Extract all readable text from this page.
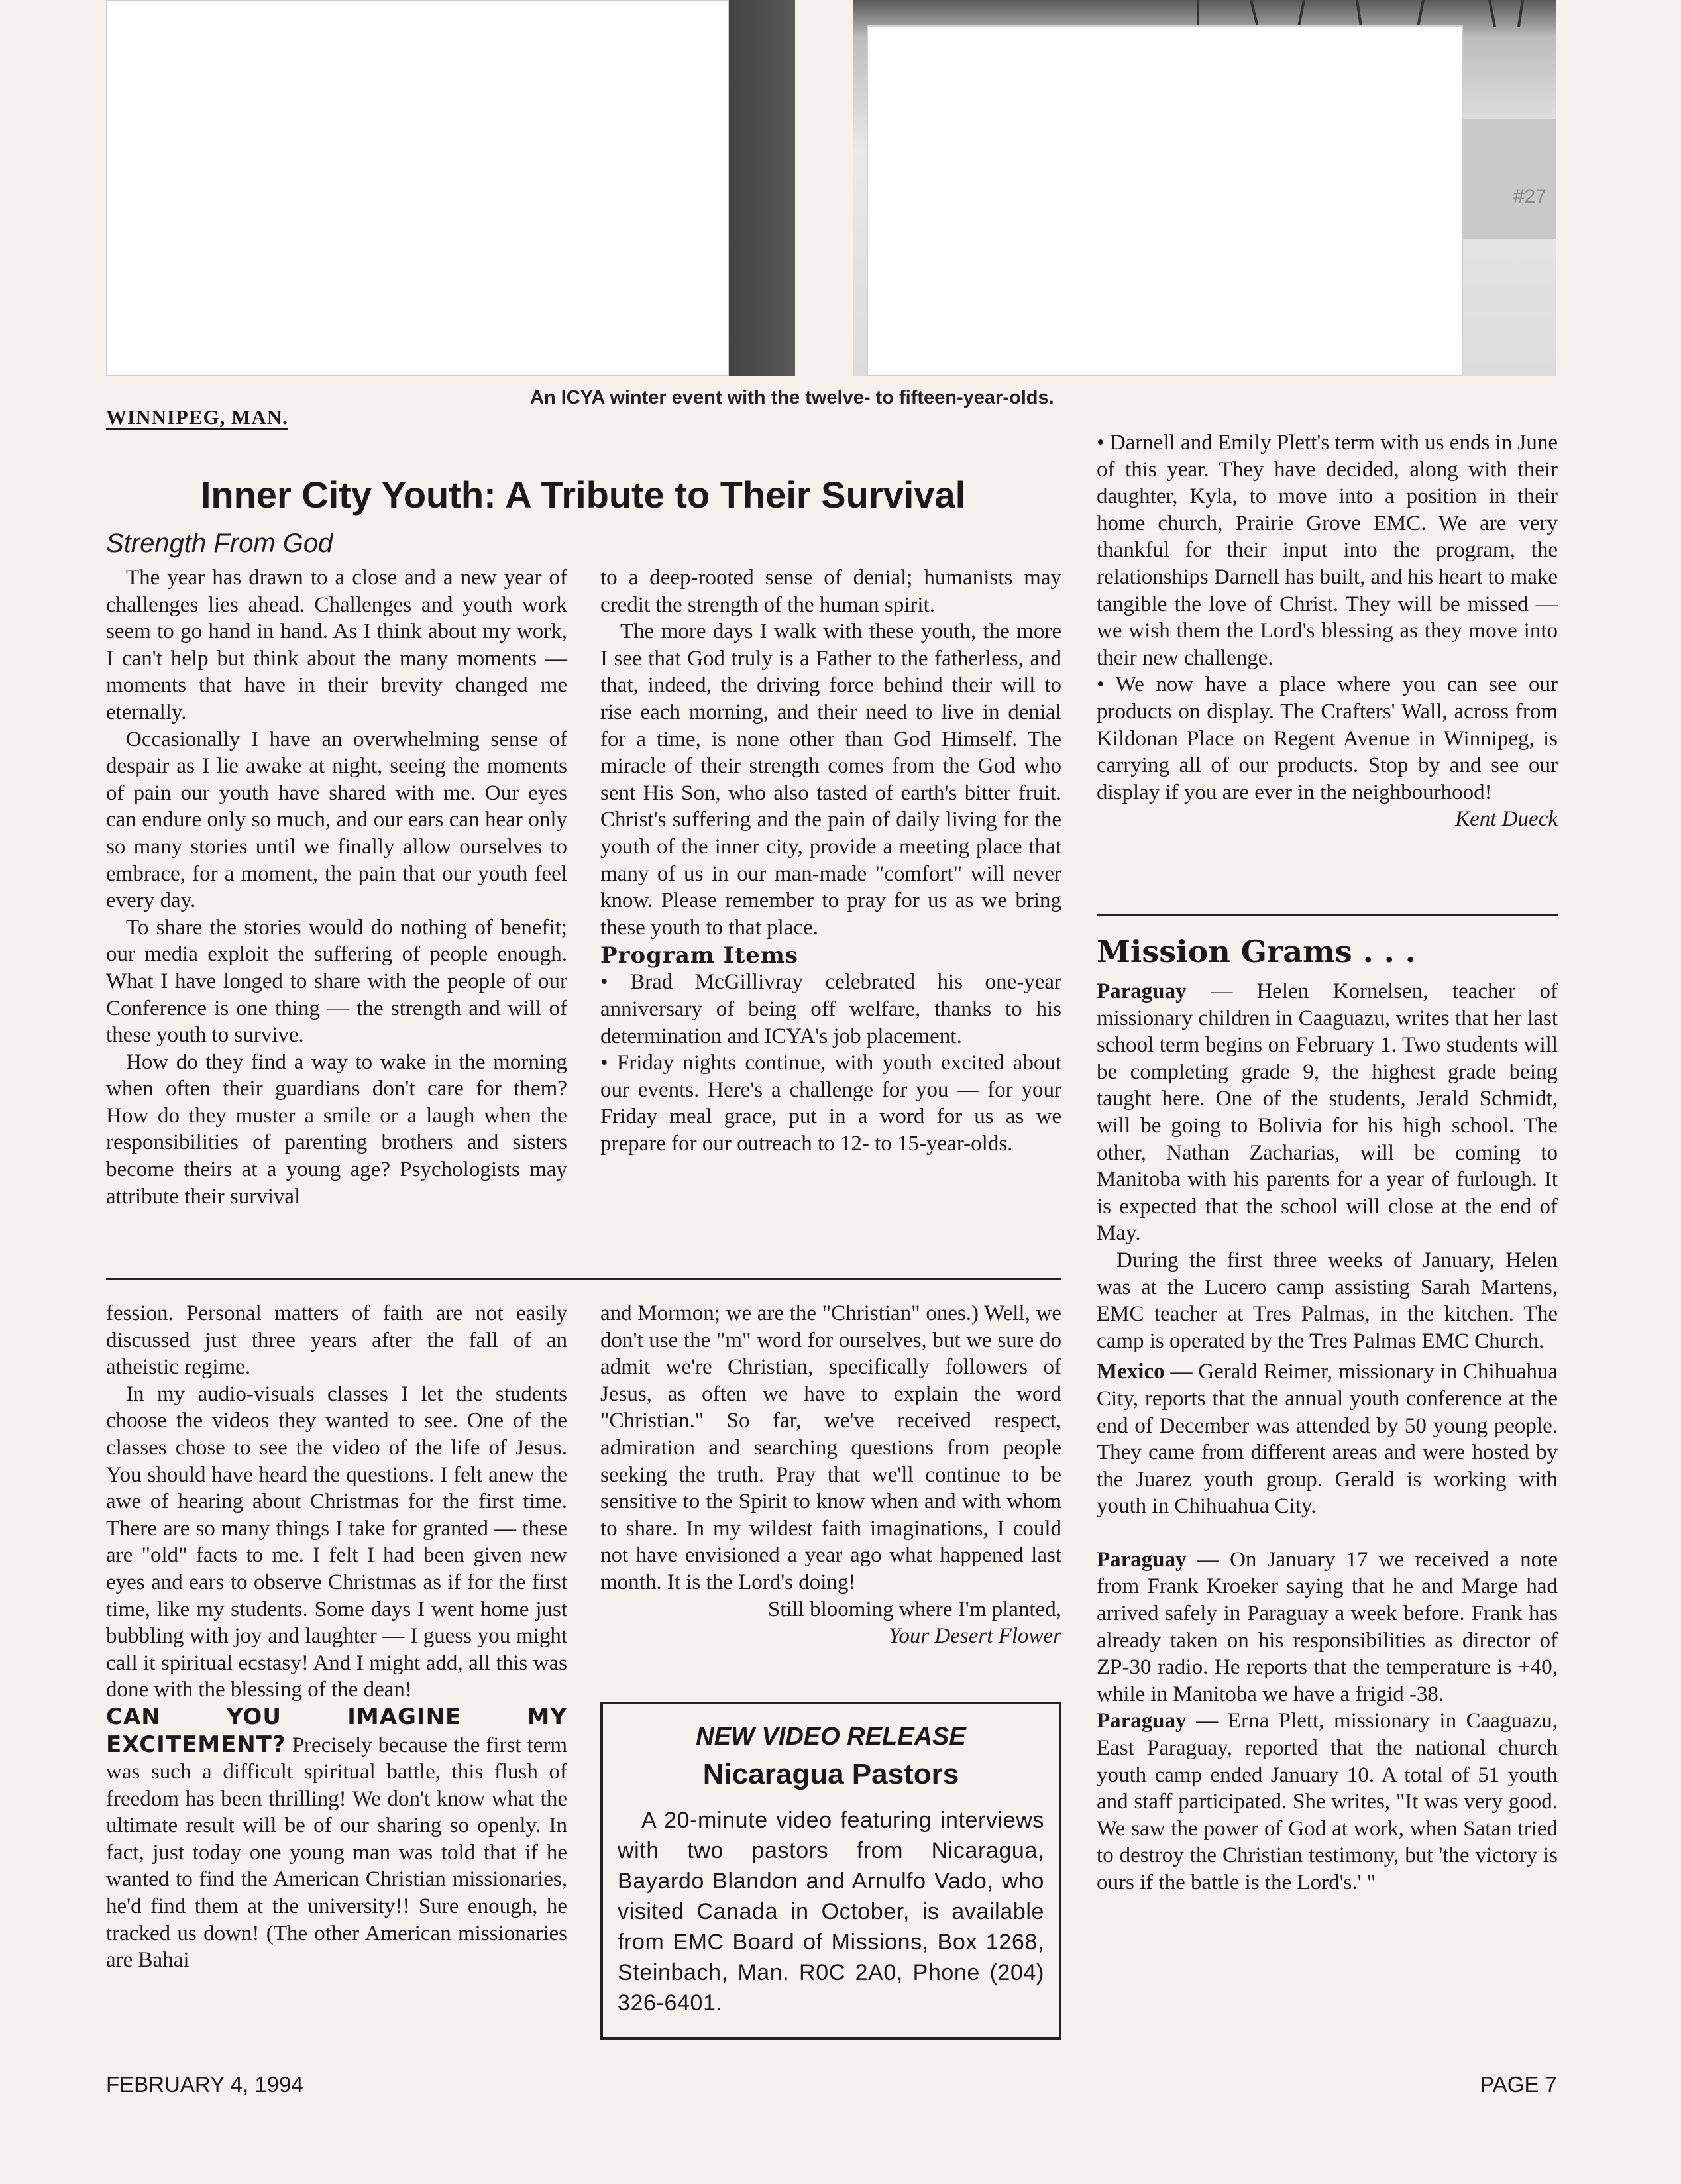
#27
An ICYA winter event with the twelve- to fifteen-year-olds.
WINNIPEG, MAN.
Inner City Youth: A Tribute to Their Survival
Strength From God

The year has drawn to a close and a new year of challenges lies ahead. Challenges and youth work seem to go hand in hand. As I think about my work, I can't help but think about the many moments — moments that have in their brevity changed me eternally.

Occasionally I have an overwhelming sense of despair as I lie awake at night, seeing the moments of pain our youth have shared with me. Our eyes can endure only so much, and our ears can hear only so many stories until we finally allow ourselves to embrace, for a moment, the pain that our youth feel every day.

To share the stories would do nothing of benefit; our media exploit the suffering of people enough. What I have longed to share with the people of our Conference is one thing — the strength and will of these youth to survive.

How do they find a way to wake in the morning when often their guardians don't care for them? How do they muster a smile or a laugh when the responsibilities of parenting brothers and sisters become theirs at a young age? Psychologists may attribute their survival

to a deep-rooted sense of denial; humanists may credit the strength of the human spirit.

The more days I walk with these youth, the more I see that God truly is a Father to the fatherless, and that, indeed, the driving force behind their will to rise each morning, and their need to live in denial for a time, is none other than God Himself. The miracle of their strength comes from the God who sent His Son, who also tasted of earth's bitter fruit. Christ's suffering and the pain of daily living for the youth of the inner city, provide a meeting place that many of us in our man-made "comfort" will never know. Please remember to pray for us as we bring these youth to that place.

Program Items

• Brad McGillivray celebrated his one-year anniversary of being off welfare, thanks to his determination and ICYA's job placement.

• Friday nights continue, with youth excited about our events. Here's a challenge for you — for your Friday meal grace, put in a word for us as we prepare for our outreach to 12- to 15-year-olds.

• Darnell and Emily Plett's term with us ends in June of this year. They have decided, along with their daughter, Kyla, to move into a position in their home church, Prairie Grove EMC. We are very thankful for their input into the program, the relationships Darnell has built, and his heart to make tangible the love of Christ. They will be missed — we wish them the Lord's blessing as they move into their new challenge.

• We now have a place where you can see our products on display. The Crafters' Wall, across from Kildonan Place on Regent Avenue in Winnipeg, is carrying all of our products. Stop by and see our display if you are ever in the neighbourhood!

Kent Dueck

Mission Grams . . .

Paraguay — Helen Kornelsen, teacher of missionary children in Caaguazu, writes that her last school term begins on February 1. Two students will be completing grade 9, the highest grade being taught here. One of the students, Jerald Schmidt, will be going to Bolivia for his high school. The other, Nathan Zacharias, will be coming to Manitoba with his parents for a year of furlough. It is expected that the school will close at the end of May.

During the first three weeks of January, Helen was at the Lucero camp assisting Sarah Martens, EMC teacher at Tres Palmas, in the kitchen. The camp is operated by the Tres Palmas EMC Church.

Mexico — Gerald Reimer, missionary in Chihuahua City, reports that the annual youth conference at the end of December was attended by 50 young people. They came from different areas and were hosted by the Juarez youth group. Gerald is working with youth in Chihuahua City.

Paraguay — On January 17 we received a note from Frank Kroeker saying that he and Marge had arrived safely in Paraguay a week before. Frank has already taken on his responsibilities as director of ZP-30 radio. He reports that the temperature is +40, while in Manitoba we have a frigid -38.

Paraguay — Erna Plett, missionary in Caaguazu, East Paraguay, reported that the national church youth camp ended January 10. A total of 51 youth and staff participated. She writes, "It was very good. We saw the power of God at work, when Satan tried to destroy the Christian testimony, but 'the victory is ours if the battle is the Lord's.' "

fession. Personal matters of faith are not easily discussed just three years after the fall of an atheistic regime.

In my audio-visuals classes I let the students choose the videos they wanted to see. One of the classes chose to see the video of the life of Jesus. You should have heard the questions. I felt anew the awe of hearing about Christmas for the first time. There are so many things I take for granted — these are "old" facts to me. I felt I had been given new eyes and ears to observe Christmas as if for the first time, like my students. Some days I went home just bubbling with joy and laughter — I guess you might call it spiritual ecstasy! And I might add, all this was done with the blessing of the dean!

CAN YOU IMAGINE MY EXCITEMENT? Precisely because the first term was such a difficult spiritual battle, this flush of freedom has been thrilling! We don't know what the ultimate result will be of our sharing so openly. In fact, just today one young man was told that if he wanted to find the American Christian missionaries, he'd find them at the university!! Sure enough, he tracked us down! (The other American missionaries are Bahai

and Mormon; we are the "Christian" ones.) Well, we don't use the "m" word for ourselves, but we sure do admit we're Christian, specifically followers of Jesus, as often we have to explain the word "Christian." So far, we've received respect, admiration and searching questions from people seeking the truth. Pray that we'll continue to be sensitive to the Spirit to know when and with whom to share. In my wildest faith imaginations, I could not have envisioned a year ago what happened last month. It is the Lord's doing!

Still blooming where I'm planted,

Your Desert Flower

NEW VIDEO RELEASE
Nicaragua Pastors
A 20-minute video featuring interviews with two pastors from Nicaragua, Bayardo Blandon and Arnulfo Vado, who visited Canada in October, is available from EMC Board of Missions, Box 1268, Steinbach, Man. R0C 2A0, Phone (204) 326-6401.
FEBRUARY 4, 1994	PAGE 7
